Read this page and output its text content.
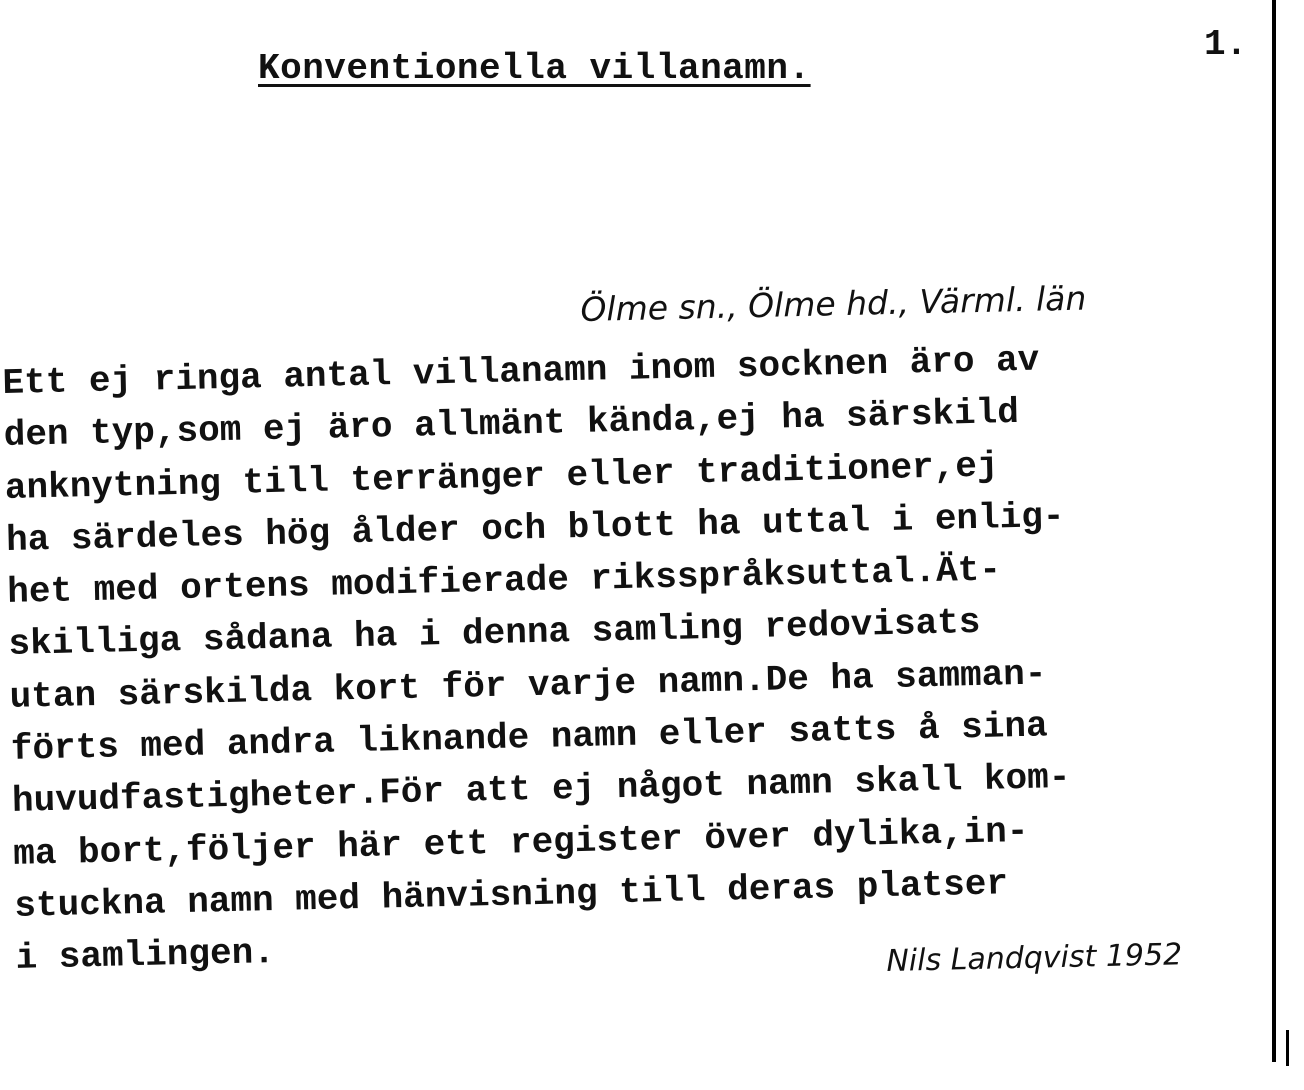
Konventionella villanamn.
1.
Ölme sn., Ölme hd., Värml. län
Ett ej ringa antal villanamn inom socknen äro av
den typ,som ej äro allmänt kända,ej ha särskild
anknytning till terränger eller traditioner,ej
ha särdeles hög ålder och blott ha uttal i enlig-
het med ortens modifierade riksspråksuttal.Ät-
skilliga sådana ha i denna samling redovisats
utan särskilda kort för varje namn.De ha samman-
förts med andra liknande namn eller satts å sina
huvudfastigheter.För att ej något namn skall kom-
ma bort,följer här ett register över dylika,in-
stuckna namn med hänvisning till deras platser
i samlingen.	Nils Landqvist 1952
